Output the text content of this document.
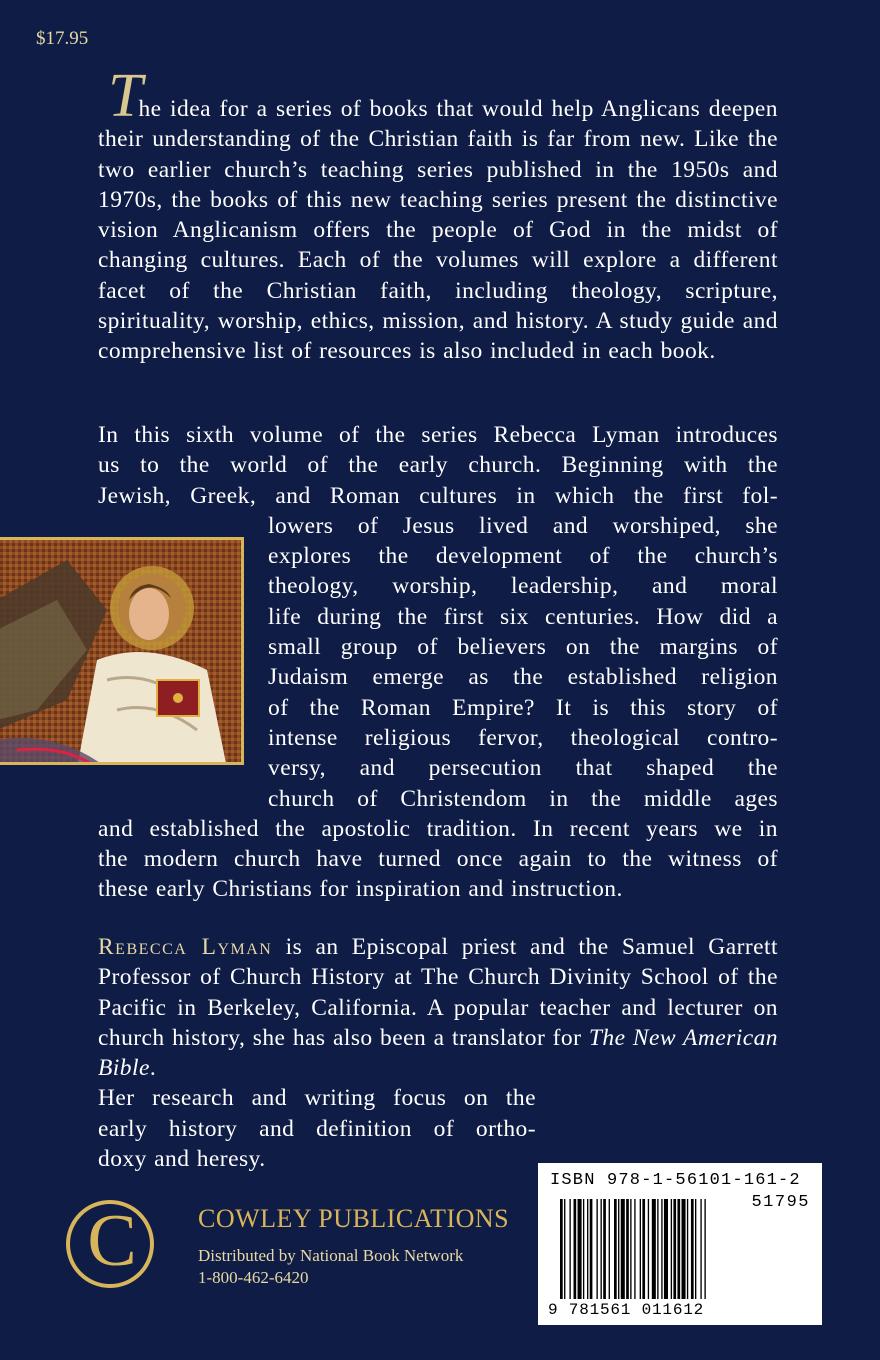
$17.95
The idea for a series of books that would help Anglicans deepen their understanding of the Christian faith is far from new. Like the two earlier church’s teaching series published in the 1950s and 1970s, the books of this new teaching series present the distinctive vision Anglicanism offers the people of God in the midst of changing cultures. Each of the volumes will explore a different facet of the Christian faith, including theology, scripture, spirituality, worship, ethics, mission, and history. A study guide and comprehensive list of resources is also included in each book.
In this sixth volume of the series Rebecca Lyman introduces
us to the world of the early church. Beginning with the
Jewish, Greek, and Roman cultures in which the first fol-
lowers of Jesus lived and worshiped, she
explores the development of the church’s
theology, worship, leadership, and moral
life during the first six centuries. How did a
small group of believers on the margins of
Judaism emerge as the established religion
of the Roman Empire? It is this story of
intense religious fervor, theological contro-
versy, and persecution that shaped the
church of Christendom in the middle ages
and established the apostolic tradition. In recent years we in
the modern church have turned once again to the witness of
these early Christians for inspiration and instruction.
Rebecca Lyman is an Episcopal priest and the Samuel Garrett Professor of Church History at The Church Divinity School of the Pacific in Berkeley, California. A popular teacher and lecturer on church history, she has also been a translator for The New American Bible.
Her research and writing focus on the
early history and definition of ortho-
doxy and heresy.
C COWLEY PUBLICATIONS
Distributed by National Book Network
1-800-462-6420
ISBN 978-1-56101-161-2
51795
9 781561 011612
